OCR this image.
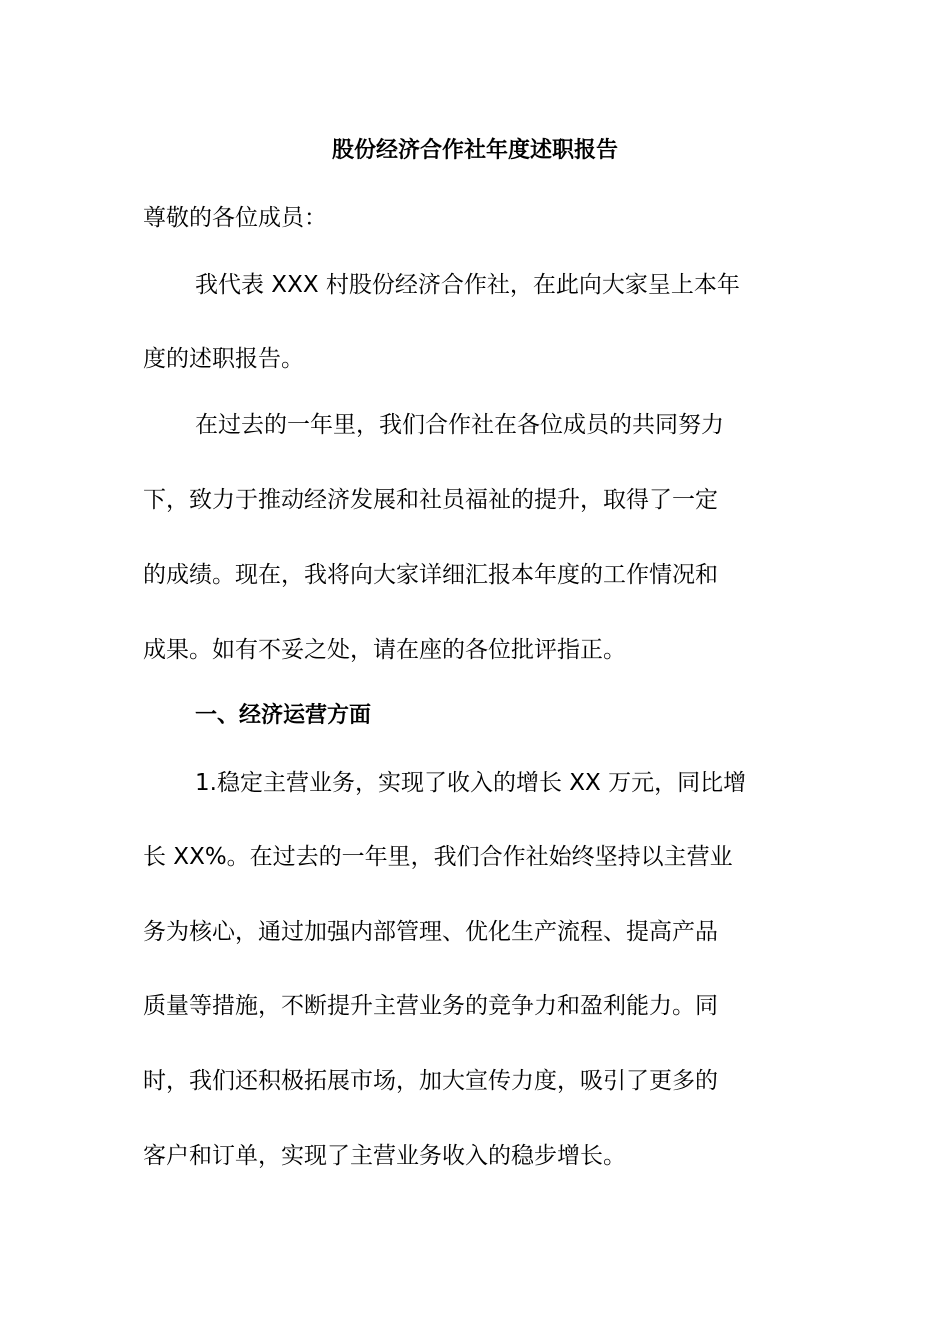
股份经济合作社年度述职报告
尊敬的各位成员：
我代表 XXX 村股份经济合作社，在此向大家呈上本年
度的述职报告。
在过去的一年里，我们合作社在各位成员的共同努力
下，致力于推动经济发展和社员福祉的提升，取得了一定
的成绩。现在，我将向大家详细汇报本年度的工作情况和
成果。如有不妥之处，请在座的各位批评指正。
一、经济运营方面
1.稳定主营业务，实现了收入的增长 XX 万元，同比增
长 XX%。在过去的一年里，我们合作社始终坚持以主营业
务为核心，通过加强内部管理、优化生产流程、提高产品
质量等措施，不断提升主营业务的竞争力和盈利能力。同
时，我们还积极拓展市场，加大宣传力度，吸引了更多的
客户和订单，实现了主营业务收入的稳步增长。
